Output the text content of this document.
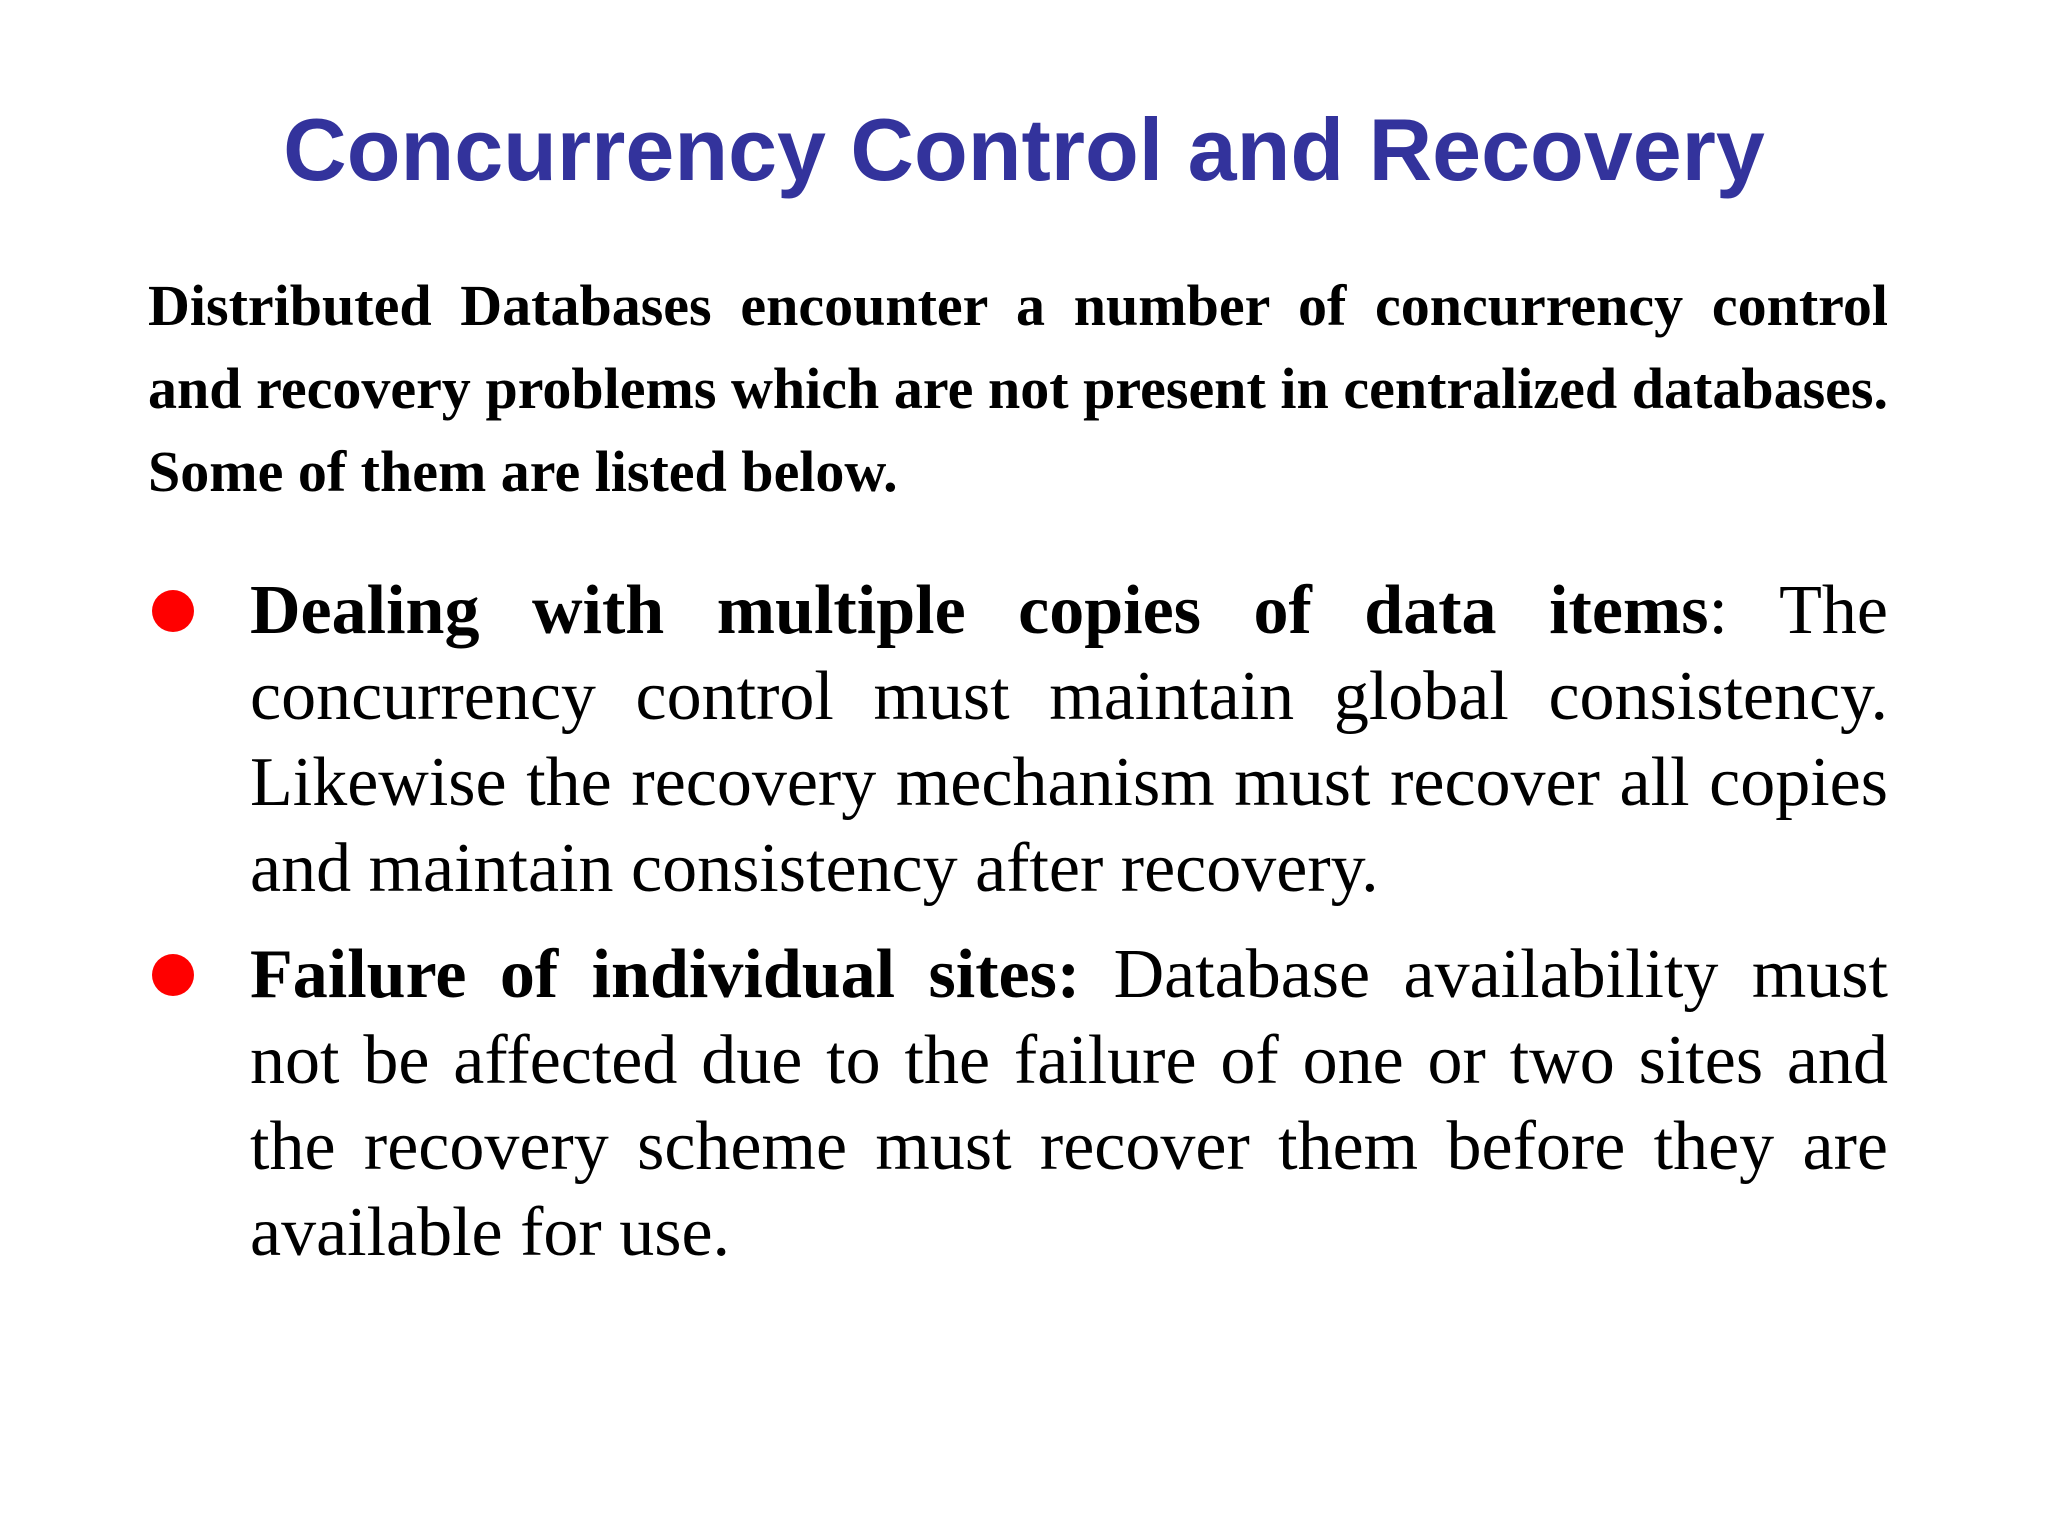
Concurrency Control and Recovery

Distributed Databases encounter a number of concurrency control and recovery problems which are not present in centralized databases. Some of them are listed below.

Dealing with multiple copies of data items: The concurrency control must maintain global consistency. Likewise the recovery mechanism must recover all copies and maintain consistency after recovery.
Failure of individual sites: Database availability must not be affected due to the failure of one or two sites and the recovery scheme must recover them before they are available for use.
